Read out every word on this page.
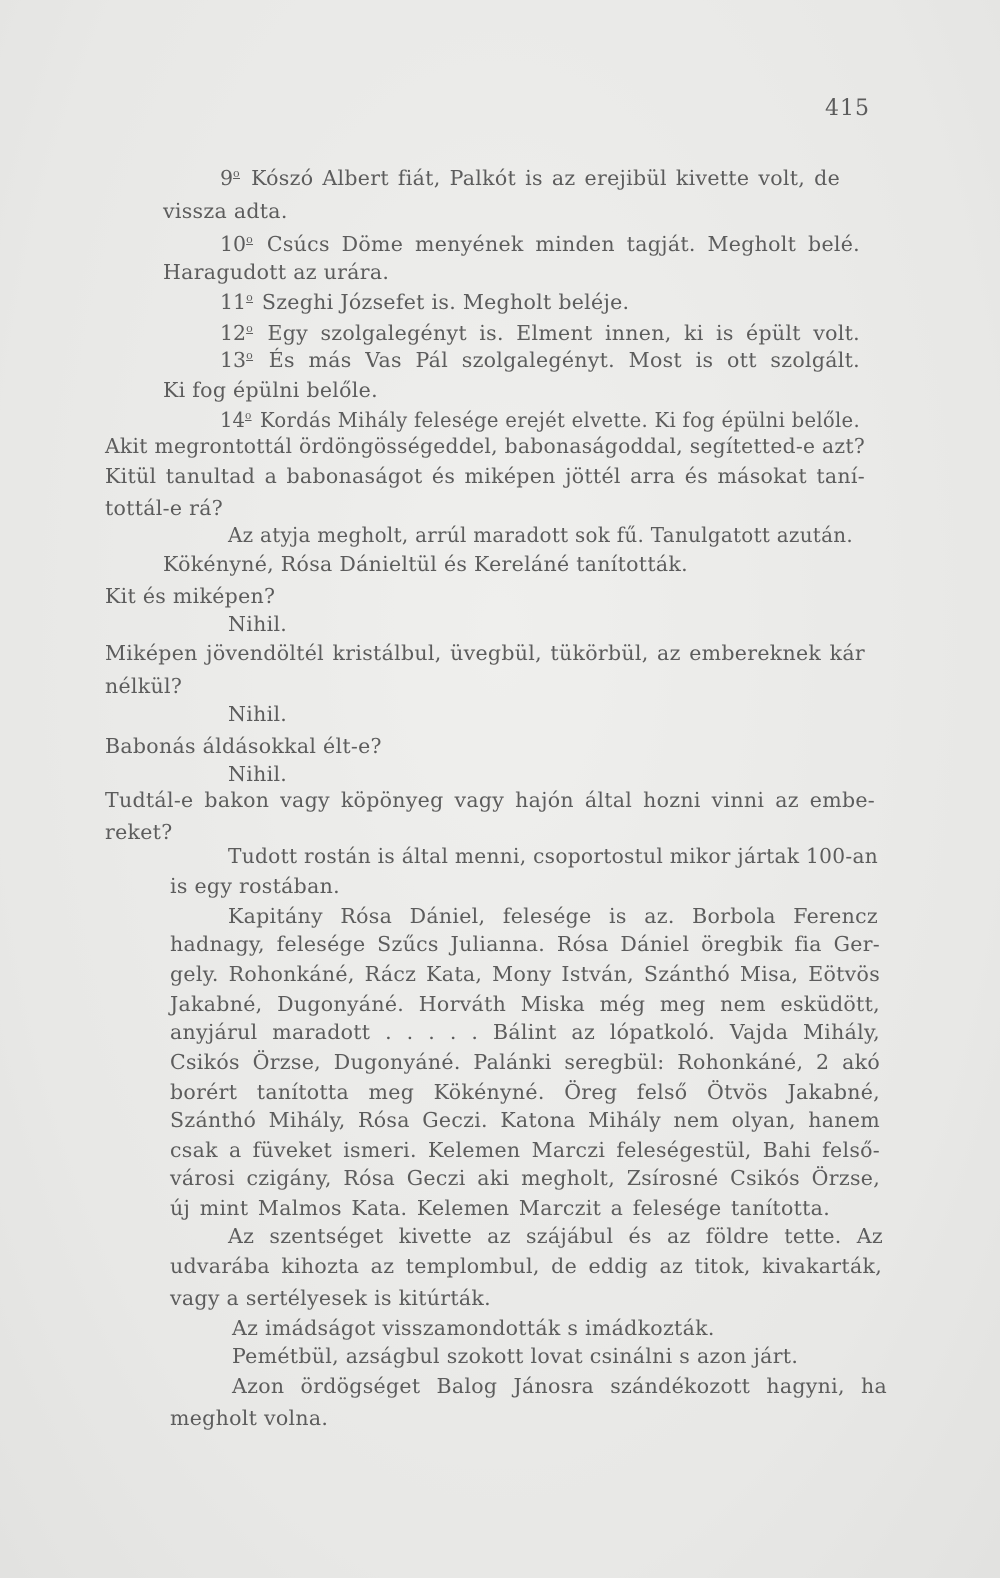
415
9$^o$ Kószó Albert fiát, Palkót is az erejibül kivette volt, de
vissza adta.
10$^o$ Csúcs Döme menyének minden tagját. Megholt belé.
Haragudott az urára.
11$^o$ Szeghi Józsefet is. Megholt beléje.
12$^o$ Egy szolgalegényt is. Elment innen, ki is épült volt.
13$^o$ És más Vas Pál szolgalegényt. Most is ott szolgált.
Ki fog épülni belőle.
14$^o$ Kordás Mihály felesége erejét elvette. Ki fog épülni belőle.
Akit megrontottál ördöngösségeddel, babonaságoddal, segítetted-e azt?
Kitül tanultad a babonaságot és miképen jöttél arra és másokat taní-
tottál-e rá?
Az atyja megholt, arrúl maradott sok fű. Tanulgatott azután.
Kökényné, Rósa Dánieltül és Kereláné tanították.
Kit és miképen?
Nihil.
Miképen jövendöltél kristálbul, üvegbül, tükörbül, az embereknek kár
nélkül?
Nihil.
Babonás áldásokkal élt-e?
Nihil.
Tudtál-e bakon vagy köpönyeg vagy hajón által hozni vinni az embe-
reket?
Tudott rostán is által menni, csoportostul mikor jártak 100-an
is egy rostában.
Kapitány Rósa Dániel, felesége is az. Borbola Ferencz
hadnagy, felesége Szűcs Julianna. Rósa Dániel öregbik fia Ger-
gely. Rohonkáné, Rácz Kata, Mony István, Szánthó Misa, Eötvös
Jakabné, Dugonyáné. Horváth Miska még meg nem esküdött,
anyjárul maradott . . . . . Bálint az lópatkoló. Vajda Mihály,
Csikós Örzse, Dugonyáné. Palánki seregbül: Rohonkáné, 2 akó
borért tanította meg Kökényné. Öreg felső Ötvös Jakabné,
Szánthó Mihály, Rósa Geczi. Katona Mihály nem olyan, hanem
csak a füveket ismeri. Kelemen Marczi feleségestül, Bahi felső-
városi czigány, Rósa Geczi aki megholt, Zsírosné Csikós Örzse,
új mint Malmos Kata. Kelemen Marczit a felesége tanította.
Az szentséget kivette az szájábul és az földre tette. Az
udvarába kihozta az templombul, de eddig az titok, kivakarták,
vagy a sertélyesek is kitúrták.
Az imádságot visszamondották s imádkozták.
Pemétbül, azságbul szokott lovat csinálni s azon járt.
Azon ördögséget Balog Jánosra szándékozott hagyni, ha
megholt volna.
